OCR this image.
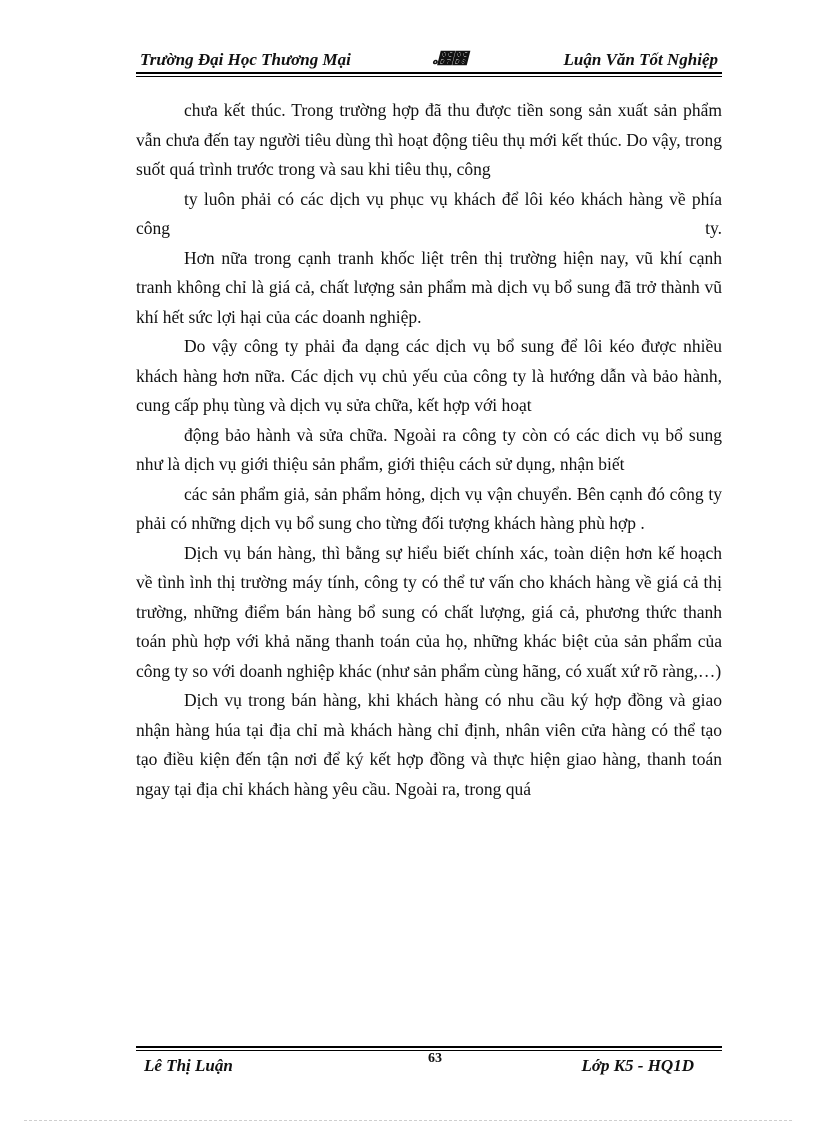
Trường Đại Học Thương Mại	૰೗೘	Luận Văn Tốt Nghiệp

chưa kết thúc. Trong trường hợp đã thu được tiền song sản xuất sản phẩm vẫn chưa đến tay người tiêu dùng thì hoạt động tiêu thụ mới kết thúc. Do vậy, trong suốt quá trình trước trong và sau khi tiêu thụ, công

ty luôn phải có các dịch vụ phục vụ khách để lôi kéo khách hàng về phía công ty.

Hơn nữa trong cạnh tranh khốc liệt trên thị trường hiện nay, vũ khí cạnh tranh không chỉ là giá cả, chất lượng sản phẩm mà dịch vụ bổ sung đã trở thành vũ khí hết sức lợi hại của các doanh nghiệp.

Do vậy công ty phải đa dạng các dịch vụ bổ sung để lôi kéo được nhiều khách hàng hơn nữa. Các dịch vụ chủ yếu của công ty là hướng dẫn và bảo hành, cung cấp phụ tùng và dịch vụ sửa chữa, kết hợp với hoạt

động bảo hành và sửa chữa. Ngoài ra công ty còn có các dich vụ bổ sung như là dịch vụ giới thiệu sản phẩm, giới thiệu cách sử dụng, nhận biết

các sản phẩm giả, sản phẩm hỏng, dịch vụ vận chuyển. Bên cạnh đó công ty phải có những dịch vụ bổ sung cho từng đối tượng khách hàng phù hợp .

Dịch vụ bán hàng, thì bằng sự hiểu biết chính xác, toàn diện hơn kế hoạch về tình ình thị trường máy tính, công ty có thể tư vấn cho khách hàng về giá cả thị trường, những điểm bán hàng bổ sung có chất lượng, giá cả, phương thức thanh toán phù hợp với khả năng thanh toán của họ, những khác biệt của sản phẩm của công ty so với doanh nghiệp khác (như sản phẩm cùng hãng, có xuất xứ rõ ràng,…)

Dịch vụ trong bán hàng, khi khách hàng có nhu cầu ký hợp đồng và giao nhận hàng húa tại địa chỉ mà khách hàng chỉ định, nhân viên cửa hàng có thể tạo tạo điều kiện đến tận nơi để ký kết hợp đồng và thực hiện giao hàng, thanh toán ngay tại địa chỉ khách hàng yêu cầu. Ngoài ra, trong quá

Lê Thị Luận	63	Lớp K5 - HQ1D
